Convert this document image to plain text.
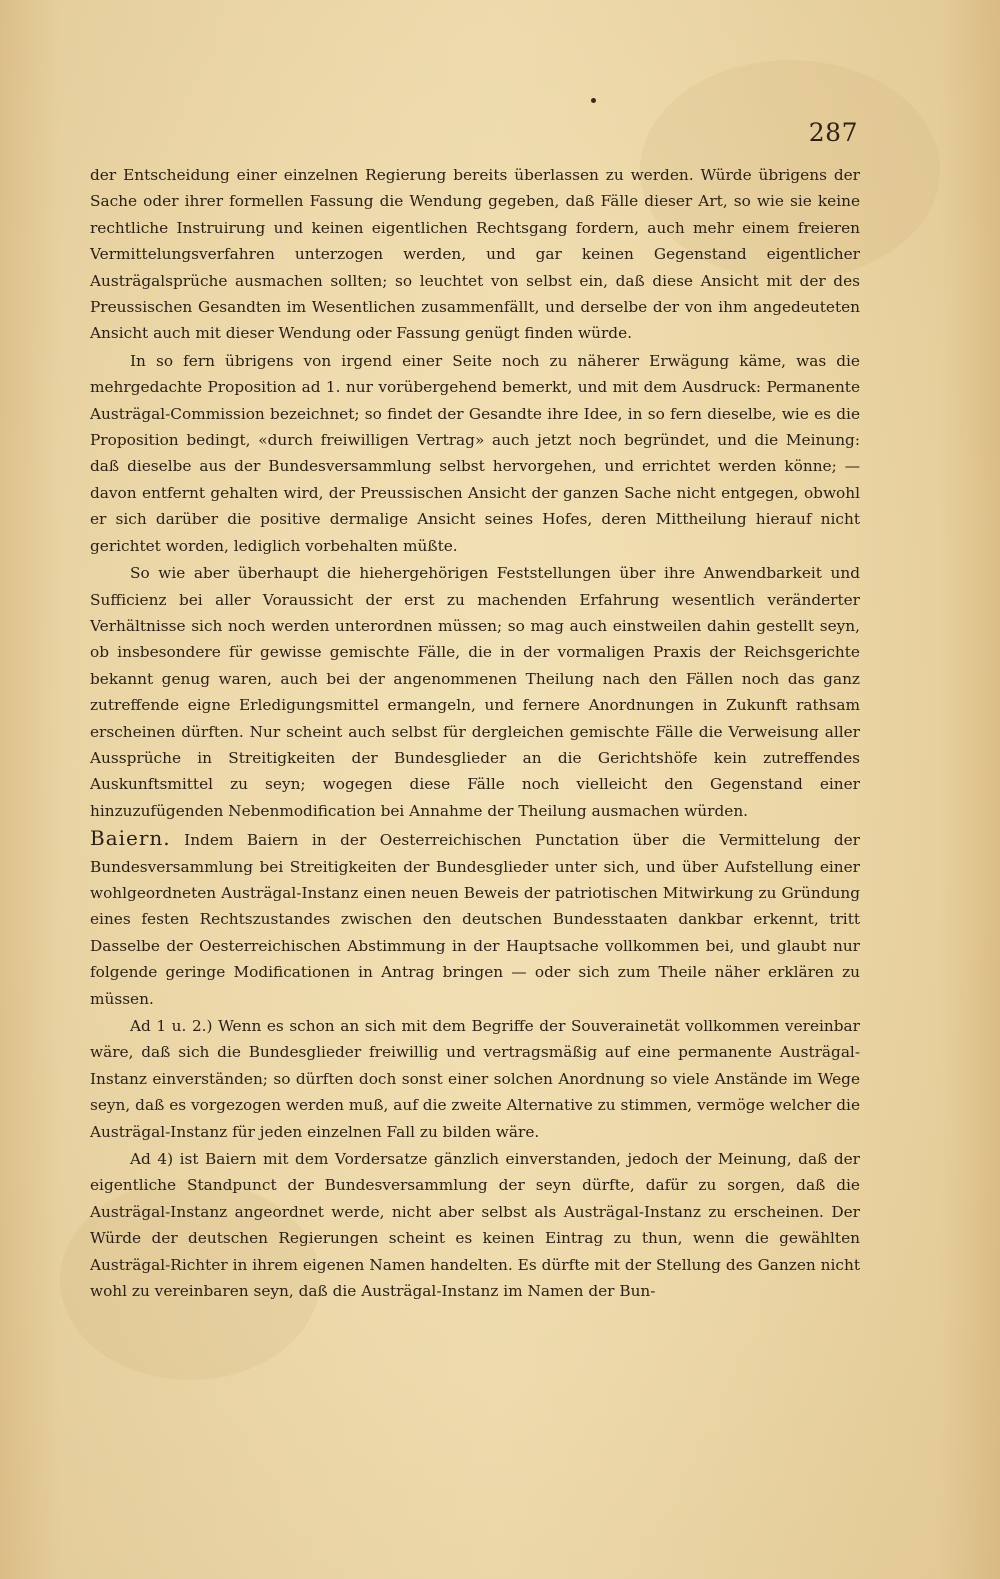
287

der Entscheidung einer einzelnen Regierung bereits überlassen zu werden. Würde übrigens der Sache oder ihrer formellen Fassung die Wendung gegeben, daß Fälle dieser Art, so wie sie keine rechtliche Instruirung und keinen eigentlichen Rechtsgang fordern, auch mehr einem freieren Vermittelungsverfahren unterzogen werden, und gar keinen Gegenstand eigentlicher Austrägalsprüche ausmachen sollten; so leuchtet von selbst ein, daß diese Ansicht mit der des Preussischen Gesandten im Wesentlichen zusammenfällt, und derselbe der von ihm angedeuteten Ansicht auch mit dieser Wendung oder Fassung genügt finden würde.

In so fern übrigens von irgend einer Seite noch zu näherer Erwägung käme, was die mehrgedachte Proposition ad 1. nur vorübergehend bemerkt, und mit dem Ausdruck: Permanente Austrägal-Commission bezeichnet; so findet der Gesandte ihre Idee, in so fern dieselbe, wie es die Proposition bedingt, «durch freiwilligen Vertrag» auch jetzt noch begründet, und die Meinung: daß dieselbe aus der Bundesversammlung selbst hervorgehen, und errichtet werden könne; — davon entfernt gehalten wird, der Preussischen Ansicht der ganzen Sache nicht entgegen, obwohl er sich darüber die positive dermalige Ansicht seines Hofes, deren Mittheilung hierauf nicht gerichtet worden, lediglich vorbehalten müßte.

So wie aber überhaupt die hiehergehörigen Feststellungen über ihre Anwendbarkeit und Sufficienz bei aller Voraussicht der erst zu machenden Erfahrung wesentlich veränderter Verhältnisse sich noch werden unterordnen müssen; so mag auch einstweilen dahin gestellt seyn, ob insbesondere für gewisse gemischte Fälle, die in der vormaligen Praxis der Reichsgerichte bekannt genug waren, auch bei der angenommenen Theilung nach den Fällen noch das ganz zutreffende eigne Erledigungsmittel ermangeln, und fernere Anordnungen in Zukunft rathsam erscheinen dürften. Nur scheint auch selbst für dergleichen gemischte Fälle die Verweisung aller Aussprüche in Streitigkeiten der Bundesglieder an die Gerichtshöfe kein zutreffendes Auskunftsmittel zu seyn; wogegen diese Fälle noch vielleicht den Gegenstand einer hinzuzufügenden Nebenmodification bei Annahme der Theilung ausmachen würden.

Baiern. Indem Baiern in der Oesterreichischen Punctation über die Vermittelung der Bundesversammlung bei Streitigkeiten der Bundesglieder unter sich, und über Aufstellung einer wohlgeordneten Austrägal-Instanz einen neuen Beweis der patriotischen Mitwirkung zu Gründung eines festen Rechtszustandes zwischen den deutschen Bundesstaaten dankbar erkennt, tritt Dasselbe der Oesterreichischen Abstimmung in der Hauptsache vollkommen bei, und glaubt nur folgende geringe Modificationen in Antrag bringen — oder sich zum Theile näher erklären zu müssen.

Ad 1 u. 2.) Wenn es schon an sich mit dem Begriffe der Souverainetät vollkommen vereinbar wäre, daß sich die Bundesglieder freiwillig und vertragsmäßig auf eine permanente Austrägal-Instanz einverständen; so dürften doch sonst einer solchen Anordnung so viele Anstände im Wege seyn, daß es vorgezogen werden muß, auf die zweite Alternative zu stimmen, vermöge welcher die Austrägal-Instanz für jeden einzelnen Fall zu bilden wäre.

Ad 4) ist Baiern mit dem Vordersatze gänzlich einverstanden, jedoch der Meinung, daß der eigentliche Standpunct der Bundesversammlung der seyn dürfte, dafür zu sorgen, daß die Austrägal-Instanz angeordnet werde, nicht aber selbst als Austrägal-Instanz zu erscheinen. Der Würde der deutschen Regierungen scheint es keinen Eintrag zu thun, wenn die gewählten Austrägal-Richter in ihrem eigenen Namen handelten. Es dürfte mit der Stellung des Ganzen nicht wohl zu vereinbaren seyn, daß die Austrägal-Instanz im Namen der Bun-
